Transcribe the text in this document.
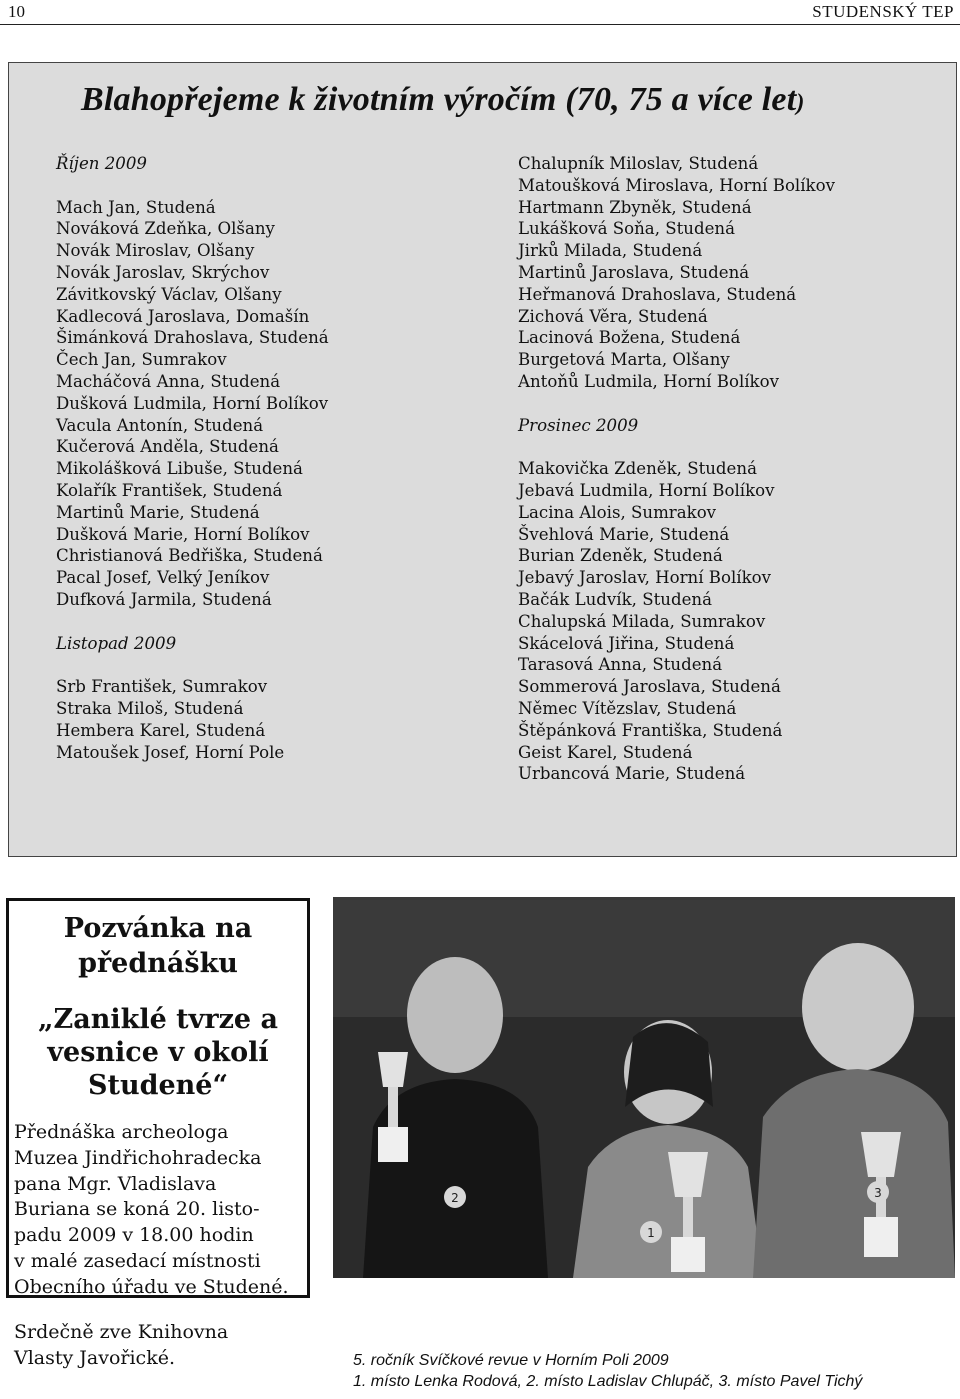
10	STUDENSKÝ TEP
Blahopřejeme k životním výročím (70, 75 a více let)
Říjen 2009
Mach Jan, Studená
Nováková Zdeňka, Olšany
Novák Miroslav, Olšany
Novák Jaroslav, Skrýchov
Závitkovský Václav, Olšany
Kadlecová Jaroslava, Domašín
Šimánková Drahoslava, Studená
Čech Jan, Sumrakov
Macháčová Anna, Studená
Dušková Ludmila, Horní Bolíkov
Vacula Antonín, Studená
Kučerová Anděla, Studená
Mikolášková Libuše, Studená
Kolařík František, Studená
Martinů Marie, Studená
Dušková Marie, Horní Bolíkov
Christianová Bedřiška, Studená
Pacal Josef, Velký Jeníkov
Dufková Jarmila, Studená
Listopad 2009
Srb František, Sumrakov
Straka Miloš, Studená
Hembera Karel, Studená
Matoušek Josef, Horní Pole
Chalupník Miloslav, Studená
Matoušková Miroslava, Horní Bolíkov
Hartmann Zbyněk, Studená
Lukášková Soňa, Studená
Jirků Milada, Studená
Martinů Jaroslava, Studená
Heřmanová Drahoslava, Studená
Zichová Věra, Studená
Lacinová Božena, Studená
Burgetová Marta, Olšany
Antoňů Ludmila, Horní Bolíkov
Prosinec 2009
Makovička Zdeněk, Studená
Jebavá Ludmila, Horní Bolíkov
Lacina Alois, Sumrakov
Švehlová Marie, Studená
Burian Zdeněk, Studená
Jebavý Jaroslav, Horní Bolíkov
Bačák Ludvík, Studená
Chalupská Milada, Sumrakov
Skácelová Jiřina, Studená
Tarasová Anna, Studená
Sommerová Jaroslava, Studená
Němec Vítězslav, Studená
Štěpánková Františka, Studená
Geist Karel, Studená
Urbancová Marie, Studená
Pozvánka na
přednášku
„Zaniklé tvrze a
vesnice v okolí
Studené“
Přednáška archeologa
Muzea Jindřichohradecka
pana Mgr. Vladislava
Buriana se koná 20. listo-
padu 2009 v 18.00 hodin
v malé zasedací místnosti
Obecního úřadu ve Studené.
Srdečně zve Knihovna
Vlasty Javořické.
2
1
3
5. ročník Svíčkové revue v Horním Poli 2009
1. místo Lenka Rodová, 2. místo Ladislav Chlupáč, 3. místo Pavel Tichý
